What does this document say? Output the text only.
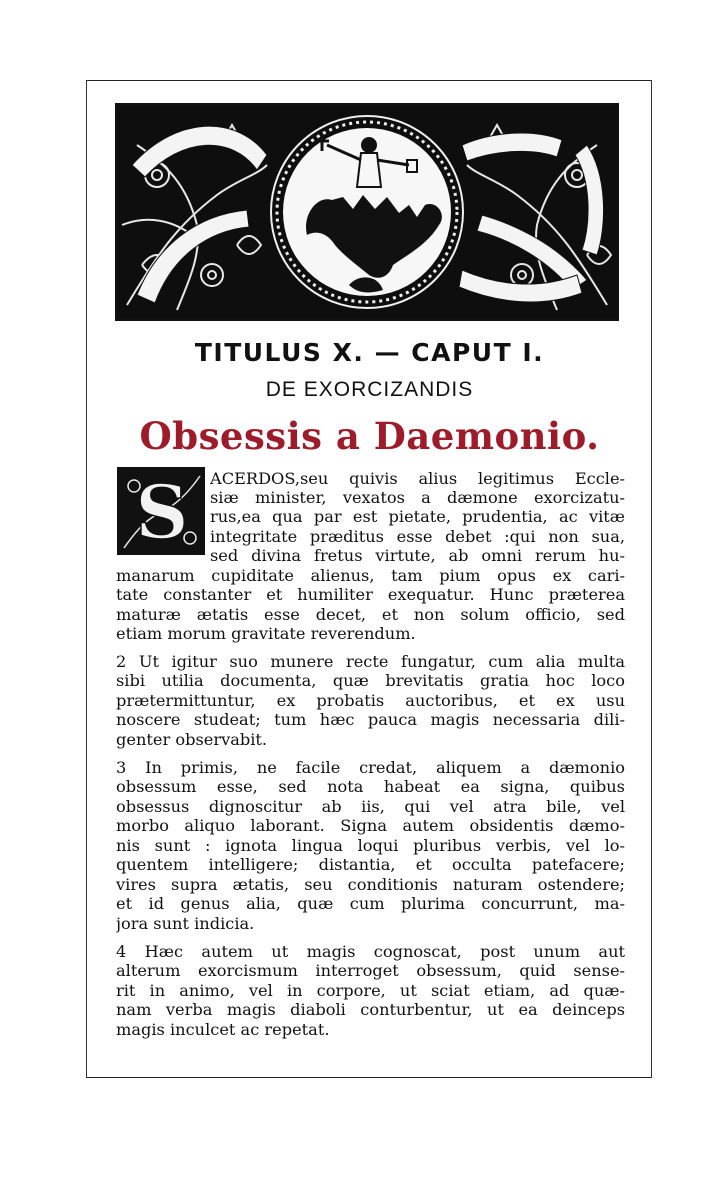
TITULUS X. — CAPUT I.
DE EXORCIZANDIS
Obsessis a Daemonio.
S ACERDOS,seu quivis alius legitimus Eccle-
siæ minister, vexatos a dæmone exorcizatu-
rus,ea qua par est pietate, prudentia, ac vitæ
integritate præditus esse debet :qui non sua,
sed divina fretus virtute, ab omni rerum hu-
manarum cupiditate alienus, tam pium opus ex cari-
tate constanter et humiliter exequatur. Hunc præterea
maturæ ætatis esse decet, et non solum officio, sed
etiam morum gravitate reverendum.
2 Ut igitur suo munere recte fungatur, cum alia multa
sibi utilia documenta, quæ brevitatis gratia hoc loco
prætermittuntur, ex probatis auctoribus, et ex usu
noscere studeat; tum hæc pauca magis necessaria dili-
genter observabit.
3 In primis, ne facile credat, aliquem a dæmonio
obsessum esse, sed nota habeat ea signa, quibus
obsessus dignoscitur ab iis, qui vel atra bile, vel
morbo aliquo laborant. Signa autem obsidentis dæmo-
nis sunt : ignota lingua loqui pluribus verbis, vel lo-
quentem intelligere; distantia, et occulta patefacere;
vires supra ætatis, seu conditionis naturam ostendere;
et id genus alia, quæ cum plurima concurrunt, ma-
jora sunt indicia.
4 Hæc autem ut magis cognoscat, post unum aut
alterum exorcismum interroget obsessum, quid sense-
rit in animo, vel in corpore, ut sciat etiam, ad quæ-
nam verba magis diaboli conturbentur, ut ea deinceps
magis inculcet ac repetat.
